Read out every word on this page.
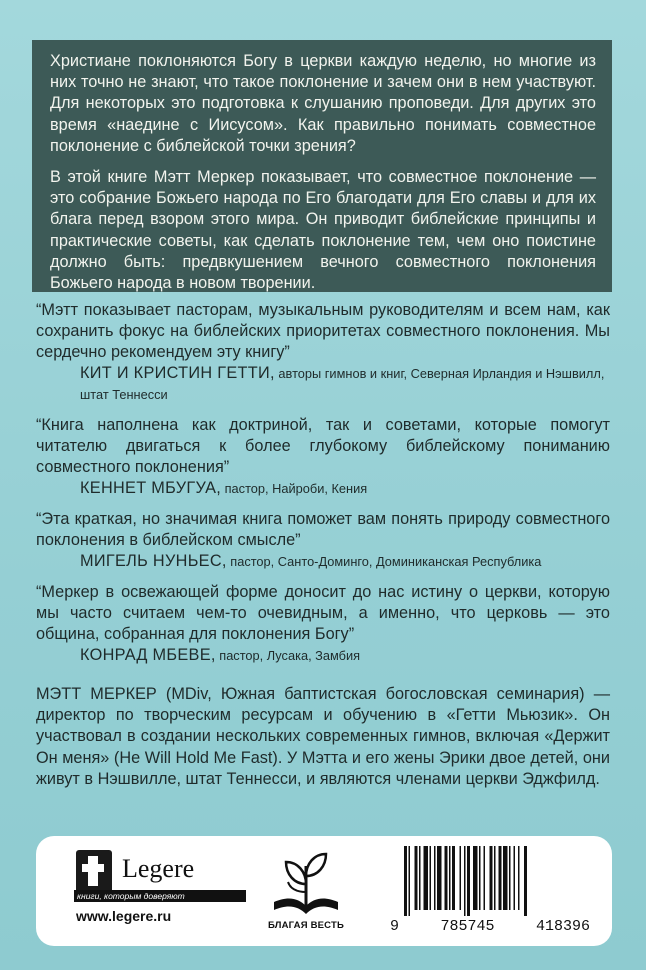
Христиане поклоняются Богу в церкви каждую неделю, но многие из них точно не знают, что такое поклонение и зачем они в нем участвуют. Для некоторых это подготовка к слушанию проповеди. Для других это время «наедине с Иисусом». Как правильно понимать совместное поклонение с библейской точки зрения?

В этой книге Мэтт Меркер показывает, что совместное поклонение — это собрание Божьего народа по Его благодати для Его славы и для их блага перед взором этого мира. Он приводит библейские принципы и практические советы, как сделать поклонение тем, чем оно поистине должно быть: предвкушением вечного совместного поклонения Божьего народа в новом творении.

“Мэтт показывает пасторам, музыкальным руководителям и всем нам, как сохранить фокус на библейских приоритетах совместного поклонения. Мы сердечно рекомендуем эту книгу”
КИТ И КРИСТИН ГЕТТИ, авторы гимнов и книг, Северная Ирландия и Нэшвилл, штат Теннесси
“Книга наполнена как доктриной, так и советами, которые помогут читателю двигаться к более глубокому библейскому пониманию совместного поклонения”
КЕННЕТ МБУГУА, пастор, Найроби, Кения
“Эта краткая, но значимая книга поможет вам понять природу совместного поклонения в библейском смысле”
МИГЕЛЬ НУНЬЕС, пастор, Санто-Доминго, Доминиканская Республика
“Меркер в освежающей форме доносит до нас истину о церкви, которую мы часто считаем чем-то очевидным, а именно, что церковь — это община, собранная для поклонения Богу”
КОНРАД МБЕВЕ, пастор, Лусака, Замбия
МЭТТ МЕРКЕР (MDiv, Южная баптистская богословская семинария) — директор по творческим ресурсам и обучению в «Гетти Мьюзик». Он участвовал в создании нескольких современных гимнов, включая «Держит Он меня» (He Will Hold Me Fast). У Мэтта и его жены Эрики двое детей, они живут в Нэшвилле, штат Теннесси, и являются членами церкви Эджфилд.
Legere
книги, которым доверяют
www.legere.ru
БЛАГАЯ ВЕСТЬ	9	785745	418396
